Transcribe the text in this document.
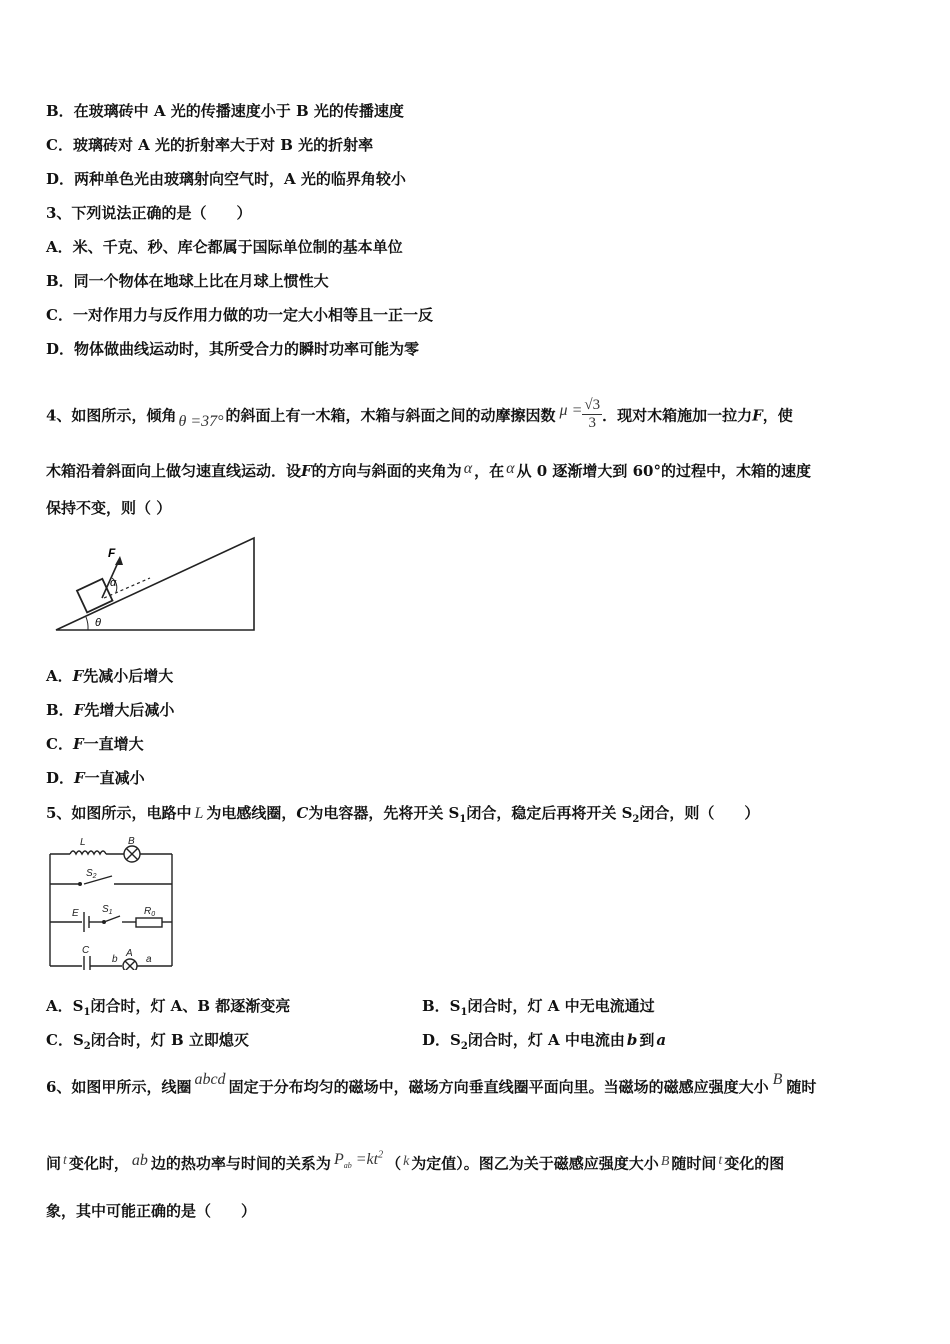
B．在玻璃砖中 A 光的传播速度小于 B 光的传播速度
C．玻璃砖对 A 光的折射率大于对 B 光的折射率
D．两种单色光由玻璃射向空气时，A 光的临界角较小
3、下列说法正确的是（　　）
A．米、千克、秒、库仑都属于国际单位制的基本单位
B．同一个物体在地球上比在月球上惯性大
C．一对作用力与反作用力做的功一定大小相等且一正一反
D．物体做曲线运动时，其所受合力的瞬时功率可能为零
4、如图所示，倾角 θ =37° 的斜面上有一木箱，木箱与斜面之间的动摩擦因数 $\mu = \frac{√3}{3}$ ．现对木箱施加一拉力F，使
木箱沿着斜面向上做匀速直线运动．设F的方向与斜面的夹角为 α ，在 α 从 0 逐渐增大到 60°的过程中，木箱的速度
保持不变，则（ ）
F
α
θ
A．F先减小后增大
B．F先增大后减小
C．F一直增大
D．F一直减小
5、如图所示，电路中 L 为电感线圈，C为电容器，先将开关 $S_1$闭合，稳定后再将开关 $S_2$闭合，则（　　）
L	B
$S_2$
E $S_1$	$R_0$
C
b
A
a
A．$S_1$闭合时，灯 A、B 都逐渐变亮	B．$S_1$闭合时，灯 A 中无电流通过
C．$S_2$闭合时，灯 B 立即熄灭	D．$S_2$闭合时，灯 A 中电流由 b 到 a
6、如图甲所示，线圈 abcd 固定于分布均匀的磁场中，磁场方向垂直线圈平面向里。当磁场的磁感应强度大小 B 随时
间 t 变化时， ab 边的热功率与时间的关系为 $P_{ab} =kt^2$ （ k 为定值）。图乙为关于磁感应强度大小 B 随时间 t 变化的图
象，其中可能正确的是（　　）
